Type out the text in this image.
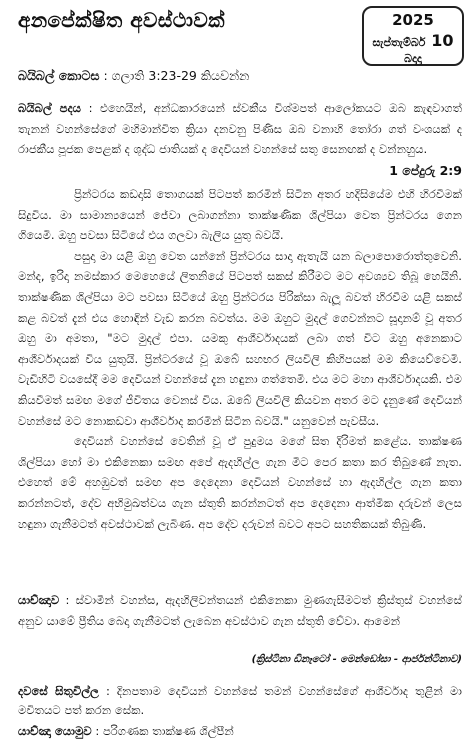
අනපේක්ෂිත අවස්ථාවක්	2025
සැප්තැම්බර් 10
බදාදා
බයිබල් කොටස : ගලාති 3:23-29 කියවන්න
බයිබල් පදය : එහෙයින්, අන්ධකාරයෙන් ස්වකීය විශ්මපත් ආලෝකයට ඔබ කැඳවාගත් තැනන් වහන්සේගේ මහිමාන්විත ක්‍රියා දනවනු පිණිස ඔබ වනාහි තෝරා ගත් වංශයක් ද රාජකීය පූජක පෙළක් ද ශුද්ධ ජාතියක් ද දෙවියන් වහන්සේ සතු සෙනඟක් ද වන්නහුය.
1 පේදුරු 2:9

ප්‍රින්ටරය කඩදාසි තොගයක් පිටපත් කරමින් සිටින අතර හදිසියේම එහි හිරවීමක් සිදුවිය. මා සාමාන්‍යයෙන් ජේවා ලබාගන්නා තාක්ෂණික ශිල්පියා වෙත ප්‍රින්ටරය ගෙන ගියෙමි. ඔහු පවසා සිටියේ එය ගලවා බැලිය යුතු බවයි.

පසුදා මා යළි ඔහු වෙත යන්නේ ප්‍රින්ටරය සාදා ඇතැයි යන බලාපොරොත්තුවෙනි. මන්ද, ඉරිදා නමස්කාර මෙහෙයේ ලිතනියේ පිටපත් සකස් කිරීමට මට අවශ්‍යව තිබූ හෙයිනි. තාක්ෂණික ශිල්පියා මට පවසා සිටියේ ඔහු ප්‍රින්ටරය පිරික්සා බැලූ බවත් හිරවීම යළි සකස් කළ බවත් දැන් එය හොඳින් වැඩ කරන බවත්ය. මම ඔහුට මුදල් ගෙවන්නට සූදානම් වූ අතර ඔහු මා අමතා, "මට මුදල් එපා. යමකු ආශීර්වාදයක් ලබා ගත් විට ඔහු අනෙකාට ආශීර්වාදයක් විය යුතුයි. ප්‍රින්ටරයේ වූ ඔබේ සහභර ලියවිලි කිහිපයක් මම කියෙව්වෙමි. වැඩිහිටි වයසේදී මම දෙවියන් වහන්සේ දැන හඳුනා ගත්තෙමි. එය මට මහා ආශීර්වාදයකි. එම කියවීමත් සමඟ මගේ ජීවිතය වෙනස් විය. ඔබේ ලියවිලි කියවන අතර මට දැනුණේ දෙවියන් වහන්සේ මට නොකඩවා ආශීර්වාද කරමින් සිටින බවයි." යනුවෙන් පැවසීය.

දෙවියන් වහන්සේ වෙතින් වූ ඒ පුදුමය මගේ සිත දිරිමත් කළේය. තාක්ෂණ ශිල්පියා හෝ මා එකිනෙකා සමඟ අපේ ඇදහිල්ල ගැන මීට පෙර කතා කර තිබුණේ නැත. එහෙත් මේ අහඹුවත් සමඟ අප දෙදෙනා දෙවියන් වහන්සේ හා ඇදහිල්ල ගැන කතා කරන්නටත්, දේව අභිමුඛත්වය ගැන ස්තුති කරන්නටත් අප දෙදෙනා ආත්මික දරුවන් ලෙස හඳුනා ගැනීමටත් අවස්ථාවක් ලැබිණ. අප දේව දරුවන් බවට අපට සහතිකයක් තිබුණි.

යාච්ඤාව : ස්වාමීන් වහන්ස, ඇදහිලිවන්තයන් එකිනෙකා මුණගැසීමටත් ක්‍රිස්තුස් වහන්සේ අනුව යාමේ ප්‍රීතිය බෙදා ගැනීමටත් ලැබෙන අවස්ථාව ගැන ස්තුති වේවා. ආමෙන්
(ක්‍රිස්ටිනා ඩිනෑටෝ - මෙන්ඩෝසා - ආර්ජන්ටිනාව)
දවසේ සිතුවිල්ල : දිනපතාම දෙවියන් වහන්සේ තමන් වහන්සේගේ ආශීර්වාද තුළින් මා මවිතයට පත් කරන සේක.
යාච්ඤා යොමුව : පරිගණක තාක්ෂණ ශිල්පීන්
